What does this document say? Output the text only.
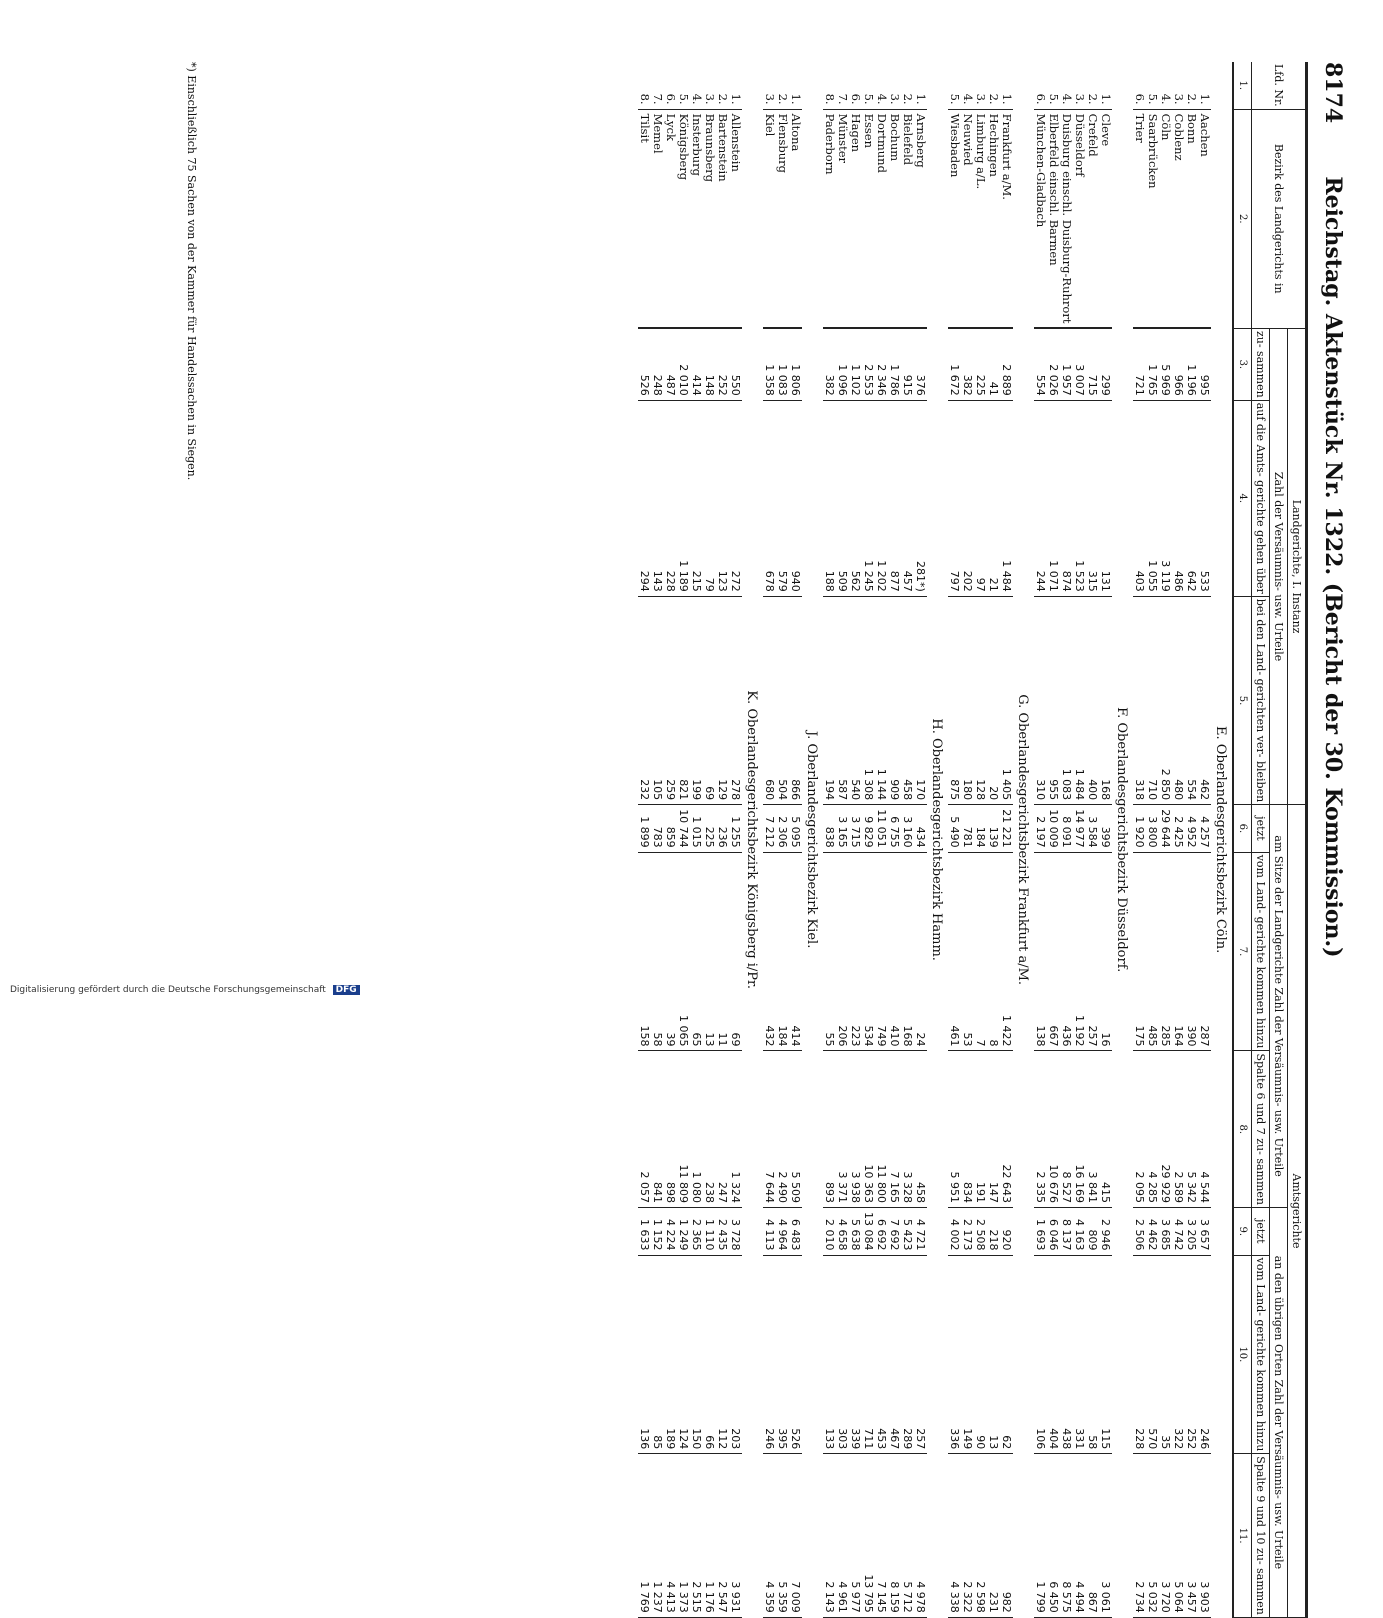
8174
Reichstag. Aktenstück Nr. 1322. (Bericht der 30. Kommission.)
Lfd. Nr.	Bezirk des Landgerichts in	Landgerichte, I. Instanz			Amtsgerichte					
		Zahl der Versäumnis- usw. Urteile			am Sitze der Landgerichte Zahl der Versäumnis- usw. Urteile			an den übrigen Orten Zahl der Versäumnis- usw. Urteile		
		zu- sammen	auf die Amts- gerichte gehen über	bei den Land- gerichten ver- bleiben	jetzt	vom Land- gerichte kommen hinzu	Spalte 6 und 7 zu- sammen	jetzt	vom Land- gerichte kommen hinzu	Spalte 9 und 10 zu- sammen
1.	2.	3.	4.	5.	6.	7.	8.	9.	10.	11.
E. Oberlandesgerichtsbezirk Cöln.										
1.	Aachen	995	533	462	4 257	287	4 544	3 657	246	3 903
2.	Bonn	1 196	642	554	4 952	390	5 342	3 205	252	3 457
3.	Coblenz	966	486	480	2 425	164	2 589	4 742	322	5 064
4.	Cöln	5 969	3 119	2 850	29 644	285	29 929	3 685	35	3 720
5.	Saarbrücken	1 765	1 055	710	3 800	485	4 285	4 462	570	5 032
6.	Trier	721	403	318	1 920	175	2 095	2 506	228	2 734
F. Oberlandesgerichtsbezirk Düsseldorf.										
1.	Cleve	299	131	168	399	16	415	2 946	115	3 061
2.	Crefeld	715	315	400	3 584	257	3 841	809	58	867
3.	Düsseldorf	3 007	1 523	1 484	14 977	1 192	16 169	4 163	331	4 494
4.	Duisburg einschl. Duisburg-Ruhrort	1 957	874	1 083	8 091	436	8 527	8 137	438	8 575
5.	Elberfeld einschl. Barmen	2 026	1 071	955	10 009	667	10 676	6 046	404	6 450
6.	München-Gladbach	554	244	310	2 197	138	2 335	1 693	106	1 799
G. Oberlandesgerichtsbezirk Frankfurt a/M.										
1.	Frankfurt a/M.	2 889	1 484	1 405	21 221	1 422	22 643	920	62	982
2.	Hechingen	41	21	20	139	8	147	218	13	231
3.	Limburg a/L.	225	97	128	184	7	191	2 508	90	2 598
4.	Neuwied	382	202	180	781	53	834	2 173	149	2 322
5.	Wiesbaden	1 672	797	875	5 490	461	5 951	4 002	336	4 338
H. Oberlandesgerichtsbezirk Hamm.										
1.	Arnsberg	376	281*)	170	434	24	458	4 721	257	4 978
2.	Bielefeld	915	457	458	3 160	168	3 328	5 423	289	5 712
3.	Bochum	1 786	877	909	6 755	410	7 165	7 692	467	8 159
4.	Dortmund	2 346	1 202	1 144	11 051	749	11 800	6 692	453	7 145
5.	Essen	2 553	1 245	1 308	9 829	534	10 363	13 084	711	13 795
6.	Hagen	1 102	562	540	3 715	223	3 938	5 638	339	5 977
7.	Münster	1 096	509	587	3 165	206	3 371	4 658	303	4 961
8.	Paderborn	382	188	194	838	55	893	2 010	133	2 143
J. Oberlandesgerichtsbezirk Kiel.										
1.	Altona	1 806	940	866	5 095	414	5 509	6 483	526	7 009
2.	Flensburg	1 083	579	504	2 306	184	2 490	4 964	395	5 359
3.	Kiel	1 358	678	680	7 212	432	7 644	4 113	246	4 359
K. Oberlandesgerichtsbezirk Königsberg i/Pr.										
1.	Allenstein	550	272	278	1 255	69	1 324	3 728	203	3 931
2.	Bartenstein	252	123	129	236	11	247	2 435	112	2 547
3.	Braunsberg	148	79	69	225	13	238	1 110	66	1 176
4.	Insterburg	414	215	199	1 015	65	1 080	2 365	150	2 515
5.	Königsberg	2 010	1 189	821	10 744	1 065	11 809	1 249	124	1 373
6.	Lyck	487	228	259	859	39	898	4 224	189	4 413
7.	Memel	248	143	105	783	58	841	1 152	85	1 237
8.	Tilsit	526	294	232	1 899	158	2 057	1 633	136	1 769
*) Einschließlich 75 Sachen von der Kammer für Handelssachen in Siegen.
Digitalisierung gefördert durch die Deutsche Forschungsgemeinschaft DFG
